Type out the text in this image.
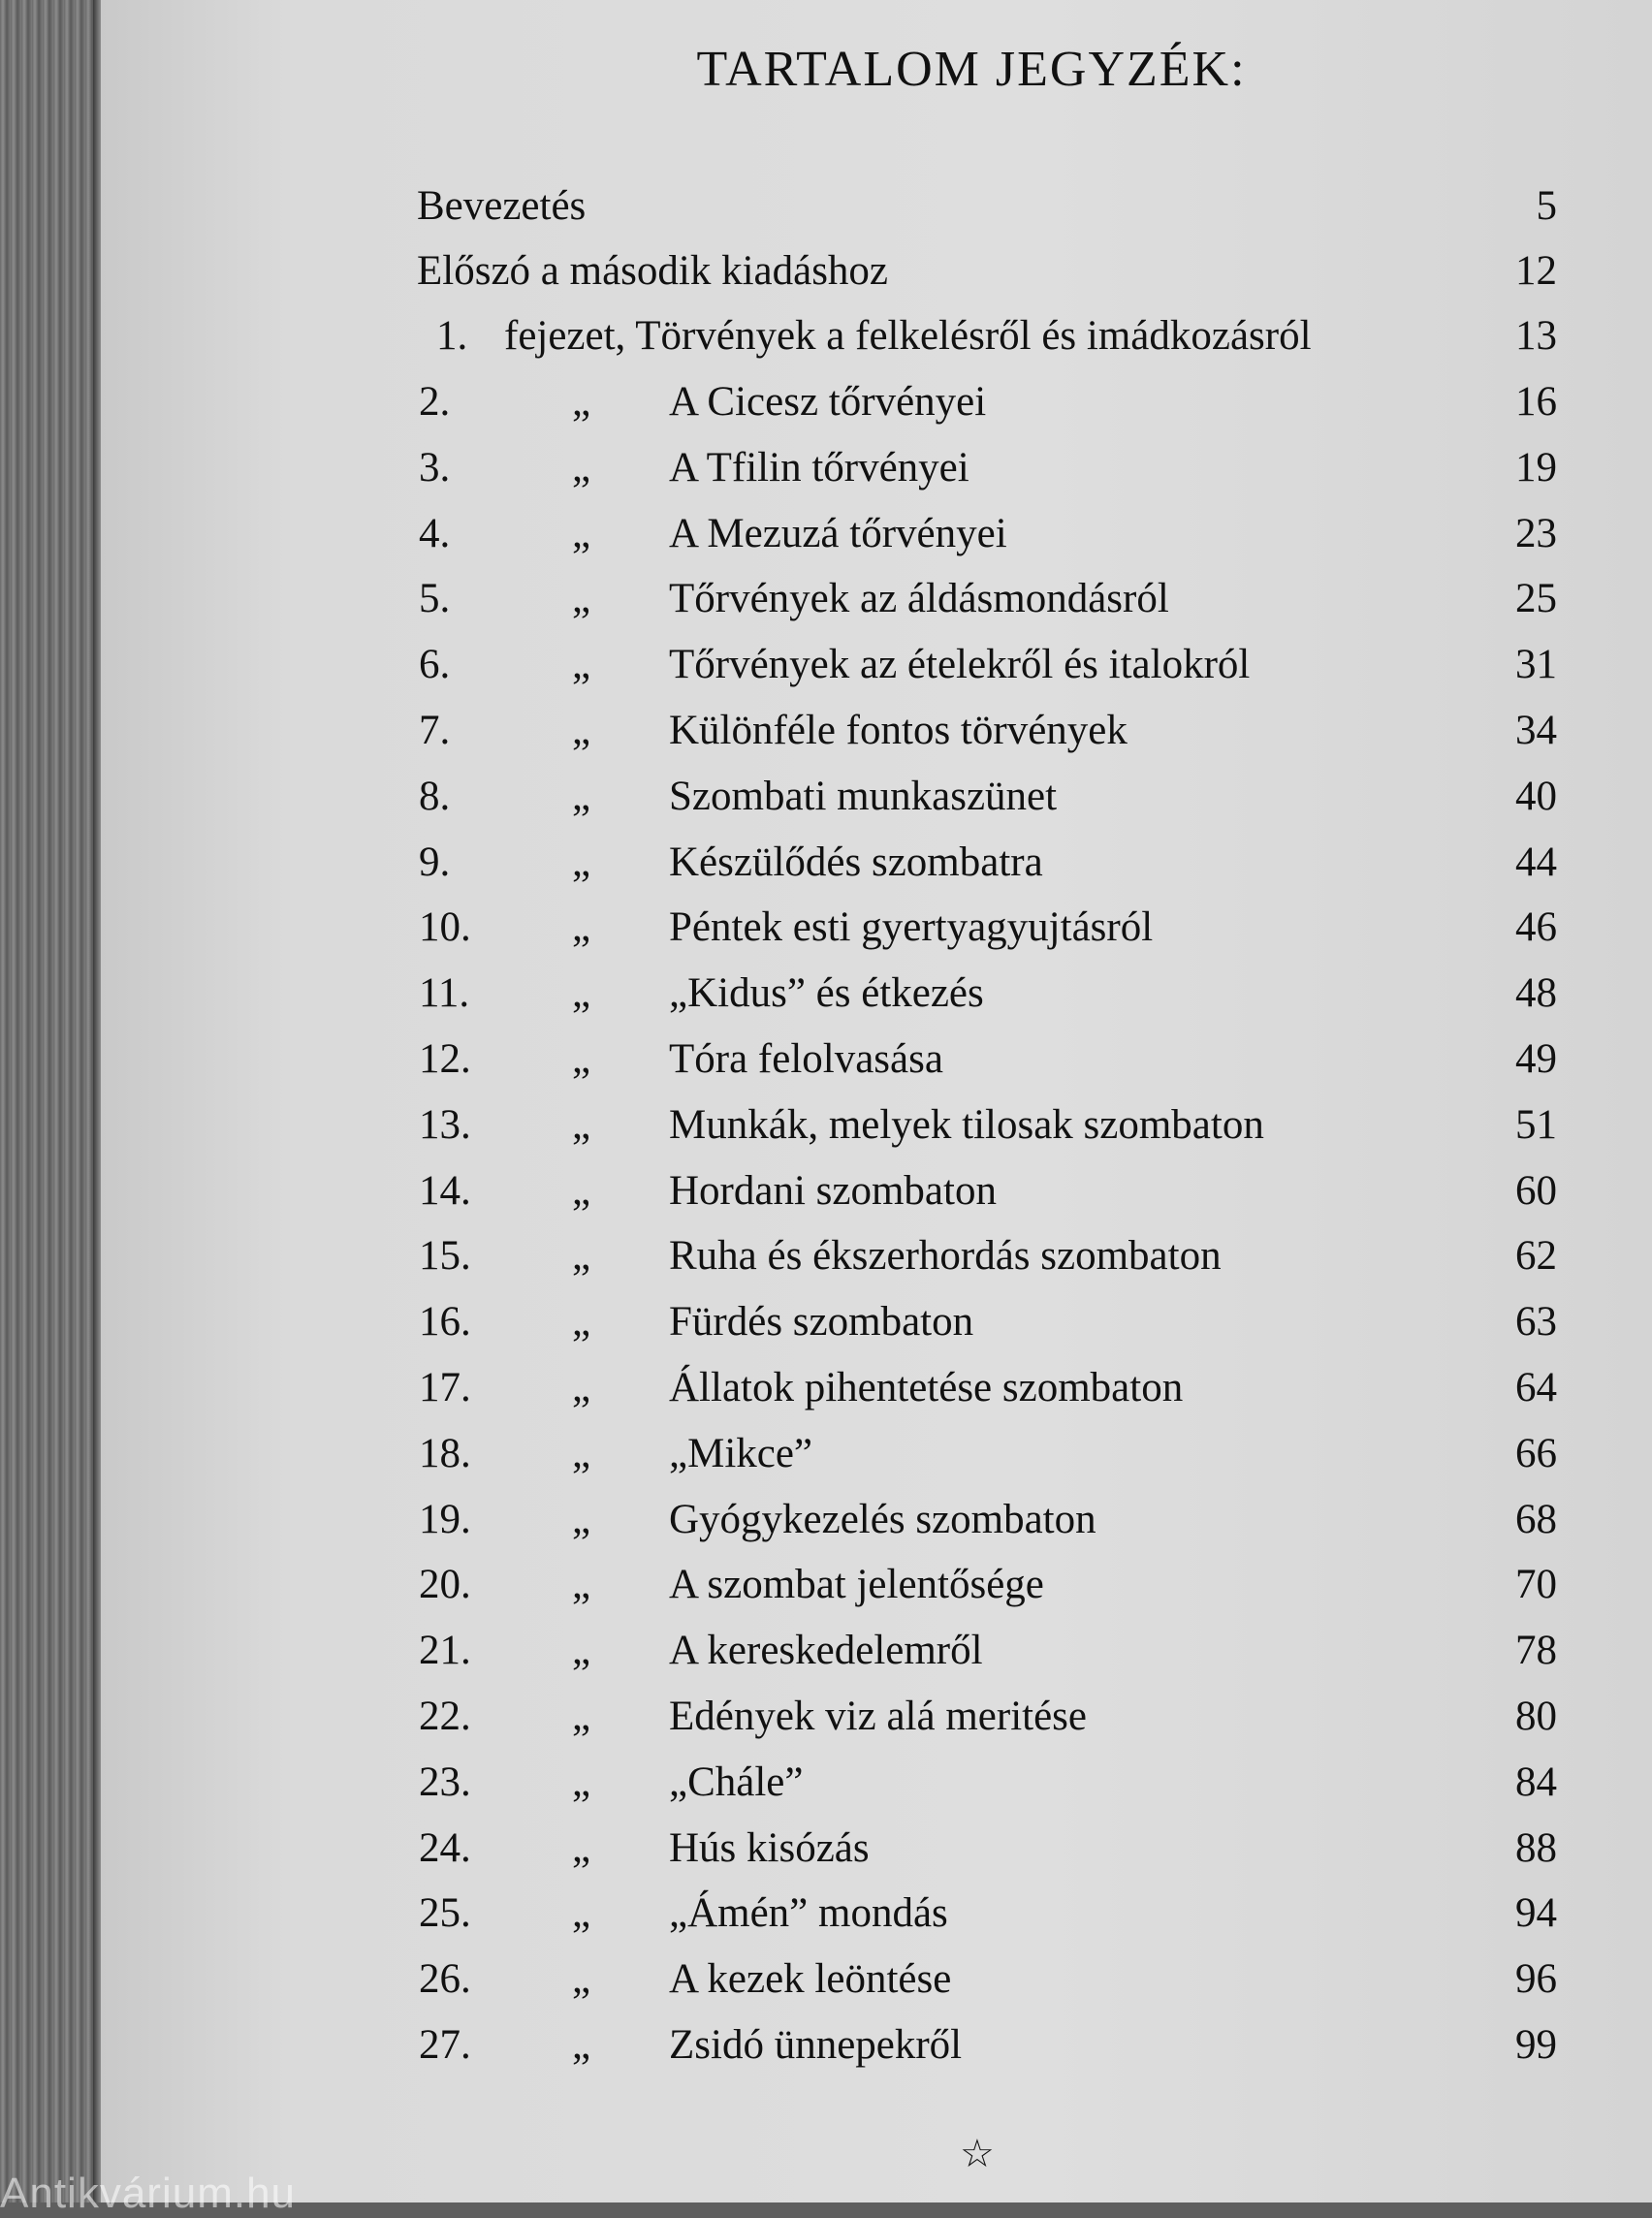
TARTALOM JEGYZÉK:
Bevezetés	5
Előszó a második kiadáshoz	12
1. fejezet, Törvények a felkelésről és imádkozásról	13
2.	„ A Cicesz tőrvényei	16
3.	„ A Tfilin tőrvényei	19
4.	„ A Mezuzá tőrvényei	23
5.	„ Tőrvények az áldásmondásról	25
6.	„ Tőrvények az ételekről és italokról	31
7.	„ Különféle fontos törvények	34
8.	„ Szombati munkaszünet	40
9.	„ Készülődés szombatra	44
10. „ Péntek esti gyertyagyujtásról	46
11. „ „Kidus” és étkezés	48
12. „ Tóra felolvasása	49
13. „ Munkák, melyek tilosak szombaton	51
14. „ Hordani szombaton	60
15. „ Ruha és ékszerhordás szombaton	62
16. „ Fürdés szombaton	63
17. „ Állatok pihentetése szombaton	64
18. „ „Mikce”	66
19. „ Gyógykezelés szombaton	68
20. „ A szombat jelentősége	70
21. „ A kereskedelemről	78
22. „ Edények viz alá meritése	80
23. „ „Chále”	84
24. „ Hús kisózás	88
25. „ „Ámén” mondás	94
26. „ A kezek leöntése	96
27. „ Zsidó ünnepekről	99
☆
Antikvárium.hu
